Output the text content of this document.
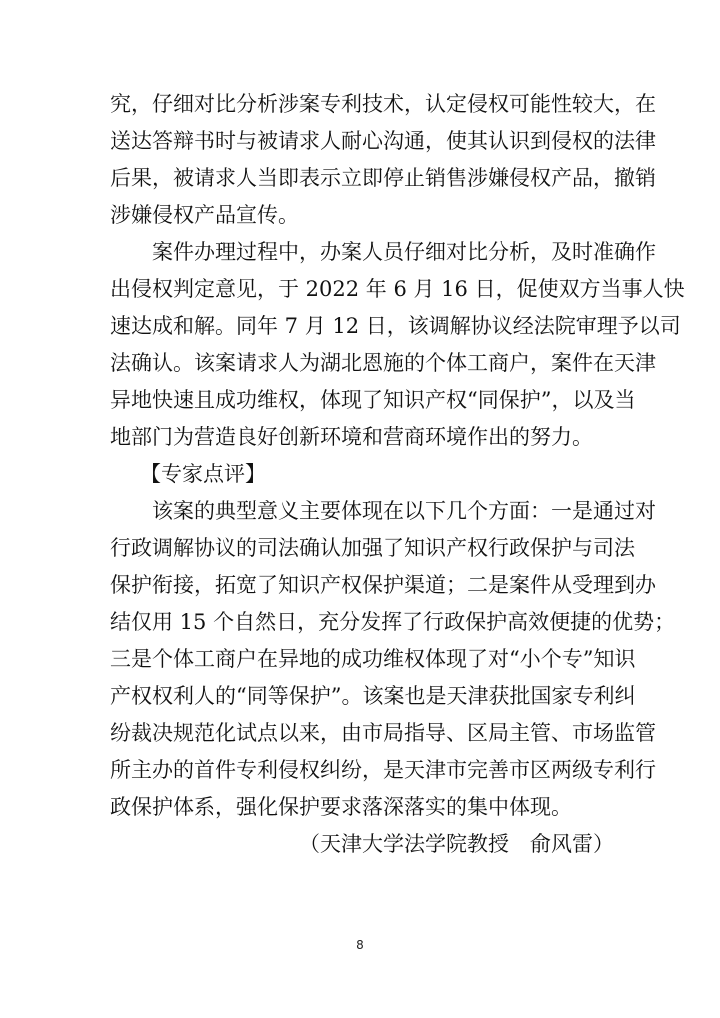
究，仔细对比分析涉案专利技术，认定侵权可能性较大，在
送达答辩书时与被请求人耐心沟通，使其认识到侵权的法律
后果，被请求人当即表示立即停止销售涉嫌侵权产品，撤销
涉嫌侵权产品宣传。
案件办理过程中，办案人员仔细对比分析，及时准确作
出侵权判定意见，于 2022 年 6 月 16 日，促使双方当事人快
速达成和解。同年 7 月 12 日，该调解协议经法院审理予以司
法确认。该案请求人为湖北恩施的个体工商户，案件在天津
异地快速且成功维权，体现了知识产权“同保护”，以及当
地部门为营造良好创新环境和营商环境作出的努力。
【专家点评】
该案的典型意义主要体现在以下几个方面：一是通过对
行政调解协议的司法确认加强了知识产权行政保护与司法
保护衔接，拓宽了知识产权保护渠道；二是案件从受理到办
结仅用 15 个自然日，充分发挥了行政保护高效便捷的优势；
三是个体工商户在异地的成功维权体现了对“小个专”知识
产权权利人的“同等保护”。该案也是天津获批国家专利纠
纷裁决规范化试点以来，由市局指导、区局主管、市场监管
所主办的首件专利侵权纠纷，是天津市完善市区两级专利行
政保护体系，强化保护要求落深落实的集中体现。
（天津大学法学院教授　俞风雷）
8
